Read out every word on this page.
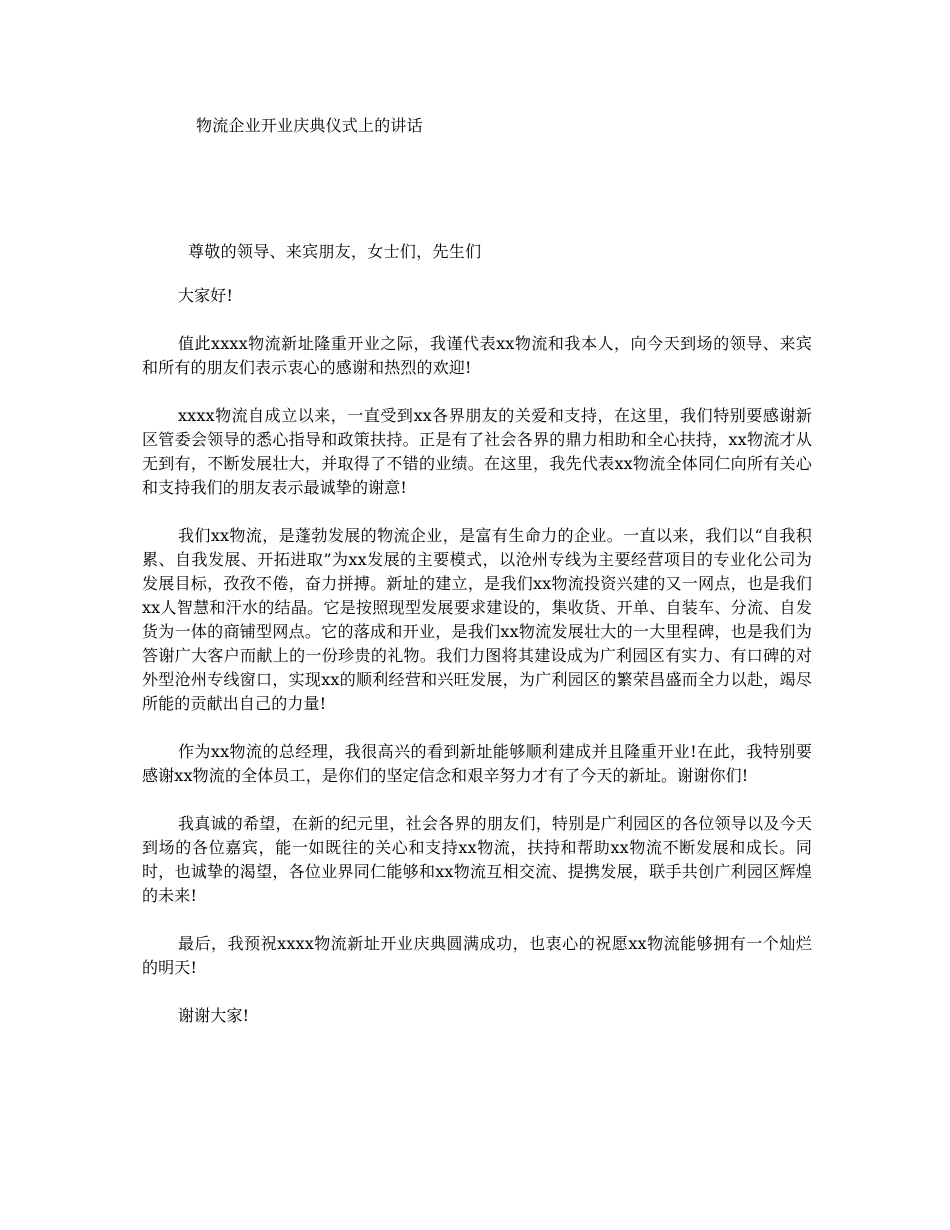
物流企业开业庆典仪式上的讲话
尊敬的领导、来宾朋友，女士们，先生们

大家好!

值此xxxx物流新址隆重开业之际，我谨代表xx物流和我本人，向今天到场的领导、来宾和所有的朋友们表示衷心的感谢和热烈的欢迎!

xxxx物流自成立以来，一直受到xx各界朋友的关爱和支持，在这里，我们特别要感谢新区管委会领导的悉心指导和政策扶持。正是有了社会各界的鼎力相助和全心扶持，xx物流才从无到有，不断发展壮大，并取得了不错的业绩。在这里，我先代表xx物流全体同仁向所有关心和支持我们的朋友表示最诚挚的谢意!

我们xx物流，是蓬勃发展的物流企业，是富有生命力的企业。一直以来，我们以“自我积累、自我发展、开拓进取”为xx发展的主要模式，以沧州专线为主要经营项目的专业化公司为发展目标，孜孜不倦，奋力拼搏。新址的建立，是我们xx物流投资兴建的又一网点，也是我们xx人智慧和汗水的结晶。它是按照现型发展要求建设的，集收货、开单、自装车、分流、自发货为一体的商铺型网点。它的落成和开业，是我们xx物流发展壮大的一大里程碑，也是我们为答谢广大客户而献上的一份珍贵的礼物。我们力图将其建设成为广利园区有实力、有口碑的对外型沧州专线窗口，实现xx的顺利经营和兴旺发展，为广利园区的繁荣昌盛而全力以赴，竭尽所能的贡献出自己的力量!

作为xx物流的总经理，我很高兴的看到新址能够顺利建成并且隆重开业!在此，我特别要感谢xx物流的全体员工，是你们的坚定信念和艰辛努力才有了今天的新址。谢谢你们!

我真诚的希望，在新的纪元里，社会各界的朋友们，特别是广利园区的各位领导以及今天到场的各位嘉宾，能一如既往的关心和支持xx物流，扶持和帮助xx物流不断发展和成长。同时，也诚挚的渴望，各位业界同仁能够和xx物流互相交流、提携发展，联手共创广利园区辉煌的未来!

最后，我预祝xxxx物流新址开业庆典圆满成功，也衷心的祝愿xx物流能够拥有一个灿烂的明天!

谢谢大家!
